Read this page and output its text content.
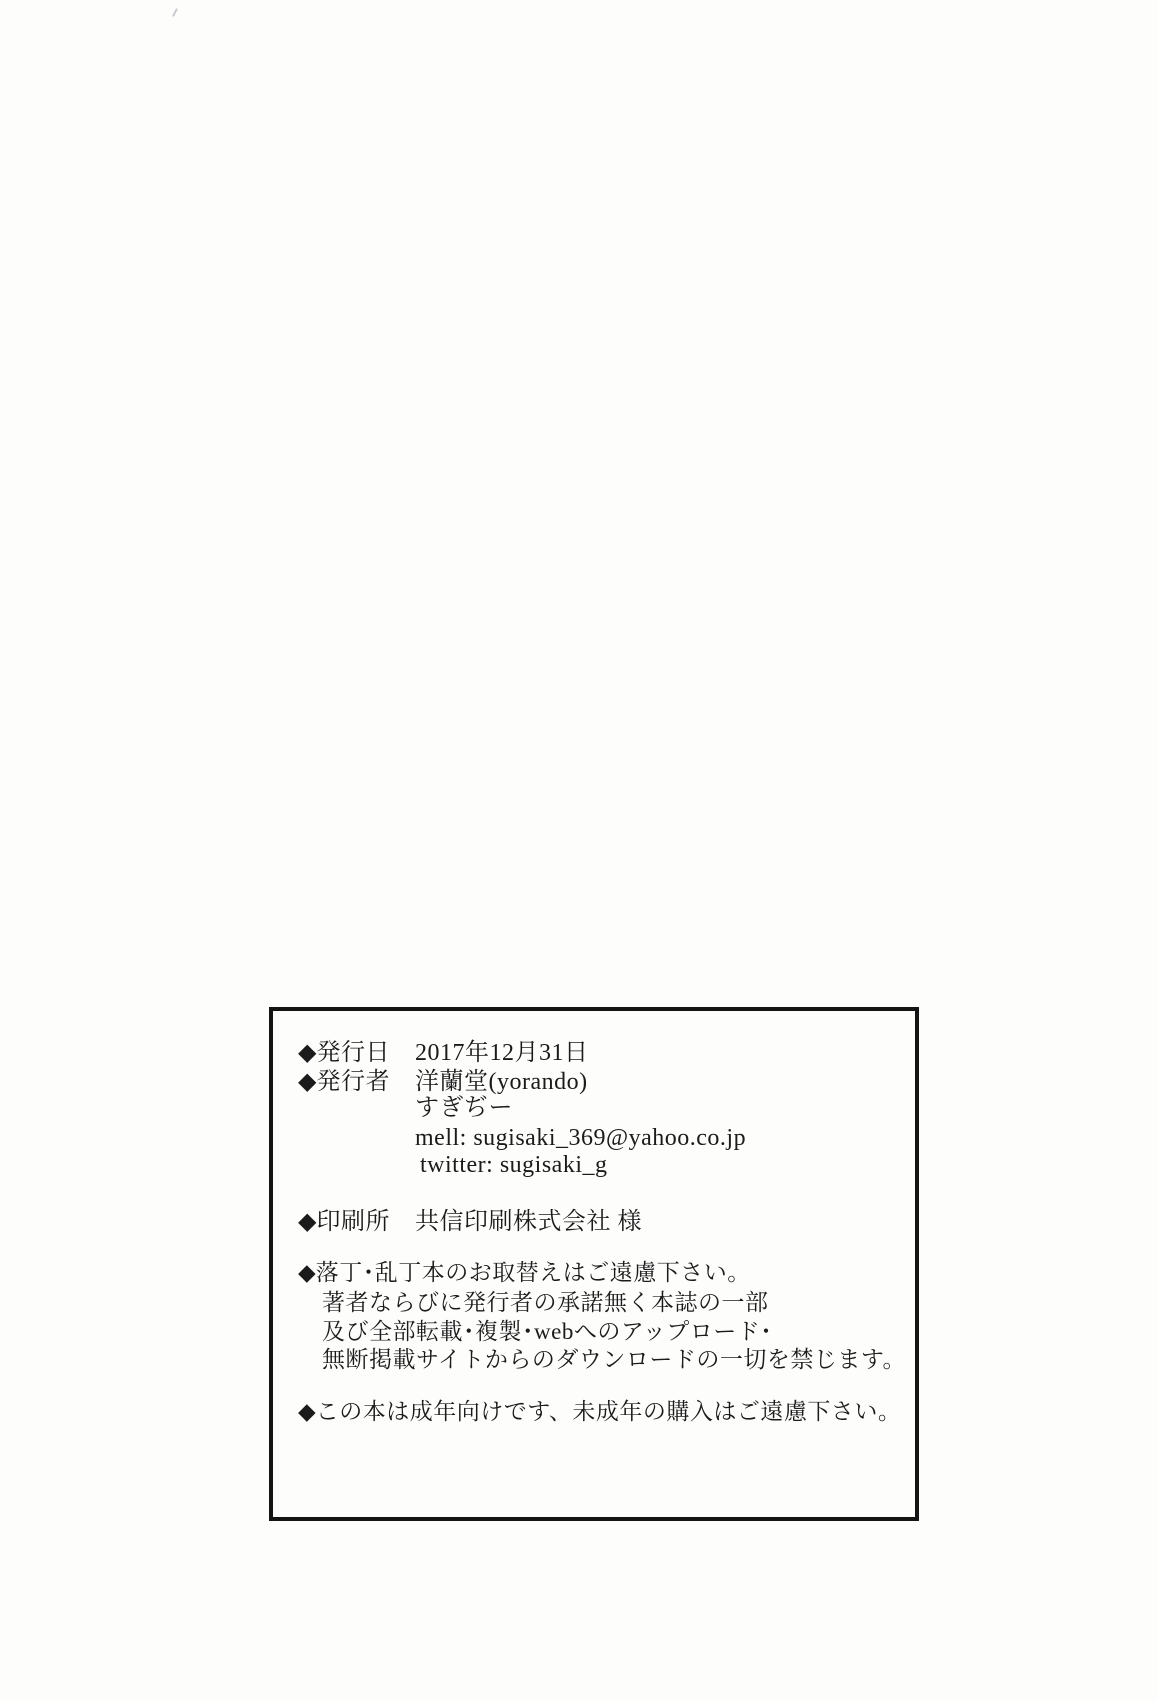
◆発行日 2017年12月31日
◆発行者 洋蘭堂(yorando)
すぎぢー
mell: sugisaki_369@yahoo.co.jp
twitter: sugisaki_g
◆印刷所 共信印刷株式会社 様
◆落丁･乱丁本のお取替えはご遠慮下さい。
著者ならびに発行者の承諾無く本誌の一部
及び全部転載･複製･webへのアップロード･
無断掲載サイトからのダウンロードの一切を禁じます。
◆この本は成年向けです、未成年の購入はご遠慮下さい。
